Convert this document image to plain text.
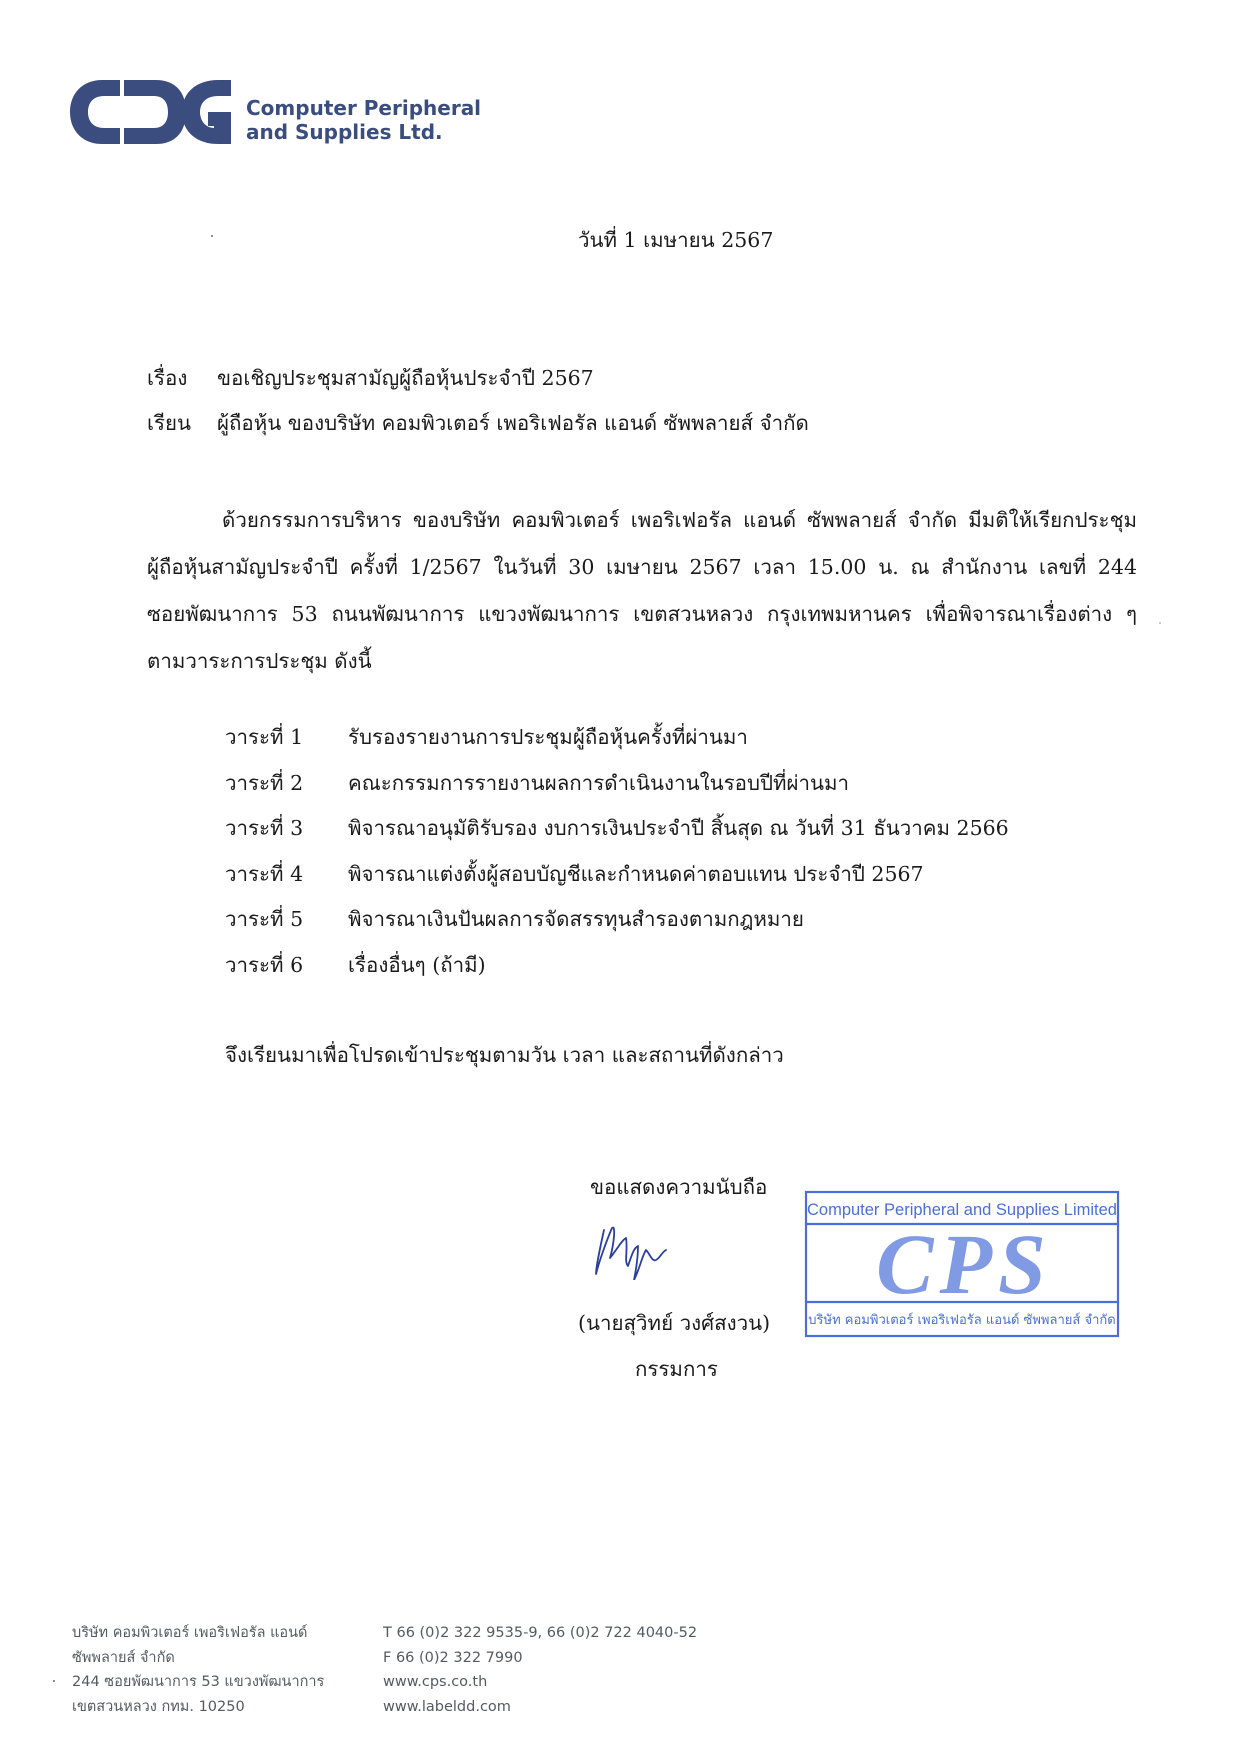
Computer Peripheral
and Supplies Ltd.
วันที่ 1 เมษายน 2567
เรื่อง ขอเชิญประชุมสามัญผู้ถือหุ้นประจำปี 2567
เรียน ผู้ถือหุ้น ของบริษัท คอมพิวเตอร์ เพอริเฟอรัล แอนด์ ซัพพลายส์ จำกัด
ด้วยกรรมการบริหาร ของบริษัท คอมพิวเตอร์ เพอริเฟอรัล แอนด์ ซัพพลายส์ จำกัด มีมติให้เรียกประชุม
ผู้ถือหุ้นสามัญประจำปี ครั้งที่ 1/2567 ในวันที่ 30 เมษายน 2567 เวลา 15.00 น. ณ สำนักงาน เลขที่ 244
ซอยพัฒนาการ 53 ถนนพัฒนาการ แขวงพัฒนาการ เขตสวนหลวง กรุงเทพมหานคร เพื่อพิจารณาเรื่องต่าง ๆ
ตามวาระการประชุม ดังนี้
วาระที่ 1 รับรองรายงานการประชุมผู้ถือหุ้นครั้งที่ผ่านมา
วาระที่ 2 คณะกรรมการรายงานผลการดำเนินงานในรอบปีที่ผ่านมา
วาระที่ 3 พิจารณาอนุมัติรับรอง งบการเงินประจำปี สิ้นสุด ณ วันที่ 31 ธันวาคม 2566
วาระที่ 4 พิจารณาแต่งตั้งผู้สอบบัญชีและกำหนดค่าตอบแทน ประจำปี 2567
วาระที่ 5 พิจารณาเงินปันผลการจัดสรรทุนสำรองตามกฎหมาย
วาระที่ 6 เรื่องอื่นๆ (ถ้ามี)
จึงเรียนมาเพื่อโปรดเข้าประชุมตามวัน เวลา และสถานที่ดังกล่าว
ขอแสดงความนับถือ
(นายสุวิทย์ วงศ์สงวน)
กรรมการ
Computer Peripheral and Supplies Limited
CPS
บริษัท คอมพิวเตอร์ เพอริเฟอรัล แอนด์ ซัพพลายส์ จำกัด
บริษัท คอมพิวเตอร์ เพอริเฟอรัล แอนด์
ซัพพลายส์ จำกัด
244 ซอยพัฒนาการ 53 แขวงพัฒนาการ
เขตสวนหลวง กทม. 10250
T 66 (0)2 322 9535-9, 66 (0)2 722 4040-52
F 66 (0)2 322 7990
www.cps.co.th
www.labeldd.com
